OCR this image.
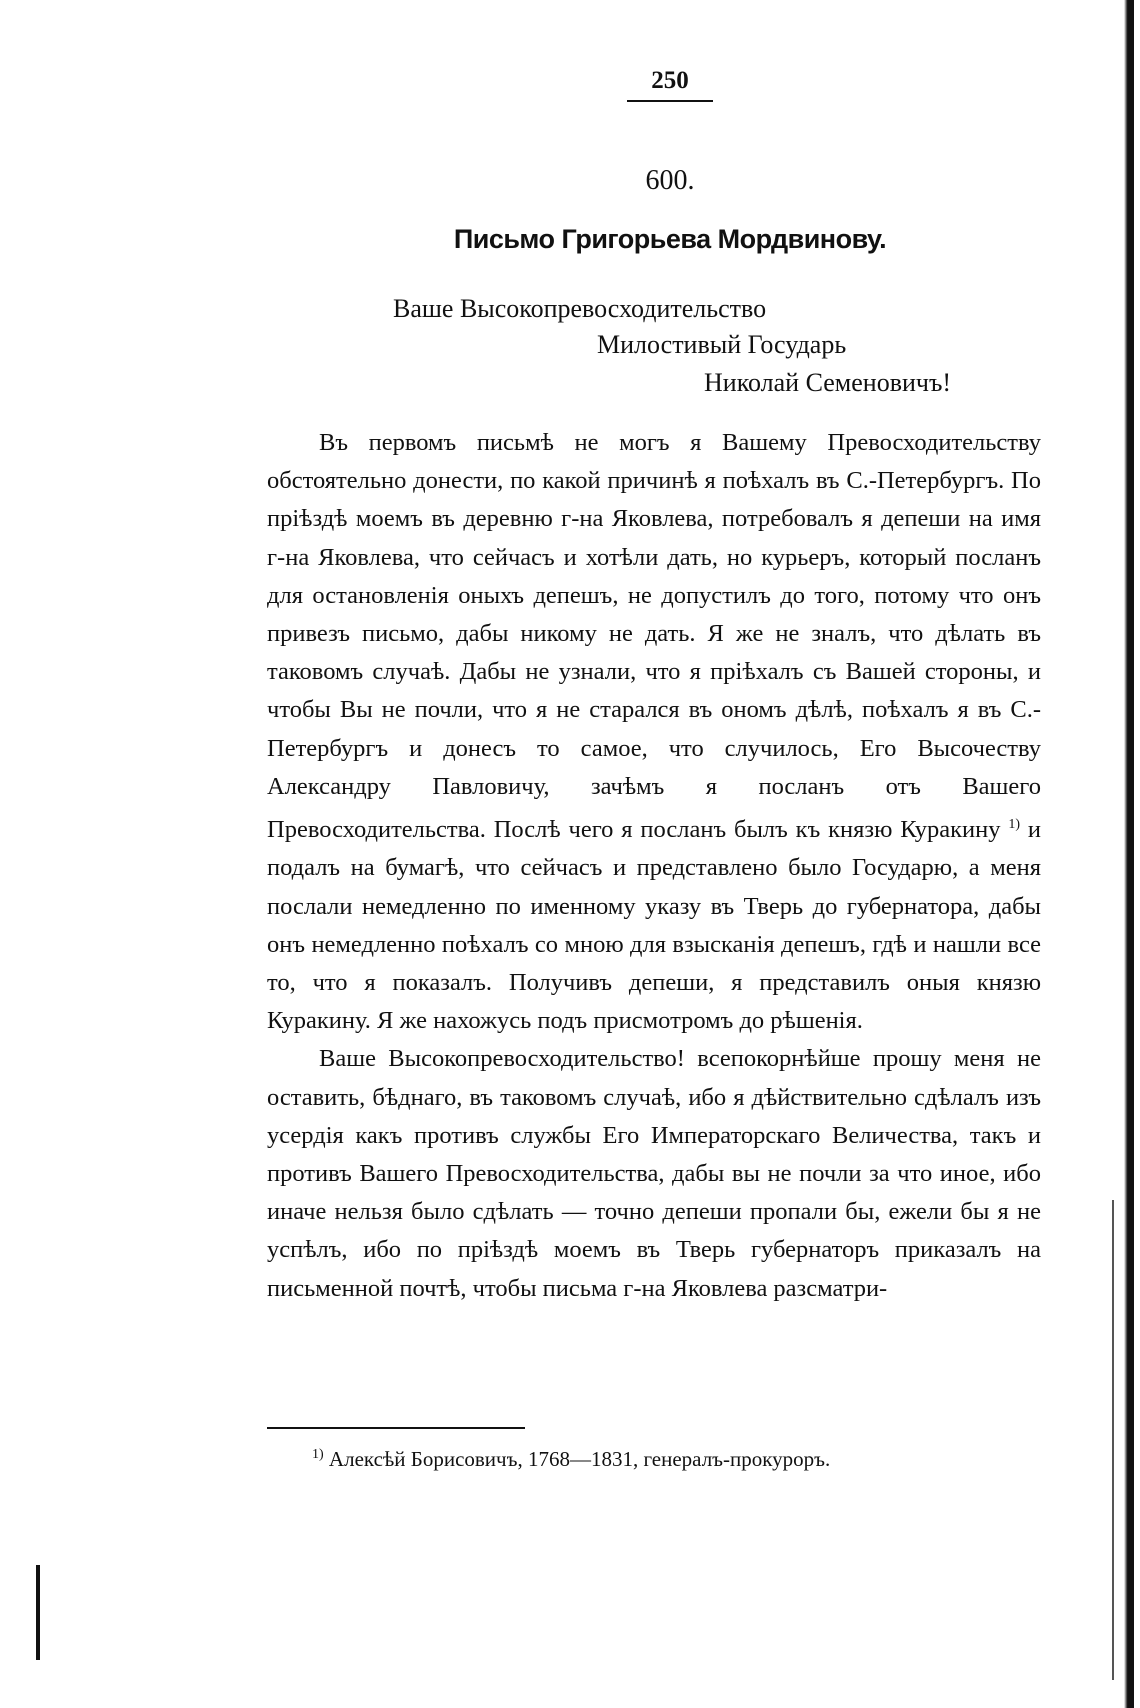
250
600.
Письмо Григорьева Мордвинову.
Ваше Высокопревосходительство
Милостивый Государь
Николай Семеновичъ!

Въ первомъ письмѣ не могъ я Вашему Превосходительству обстоятельно донести, по какой причинѣ я поѣхалъ въ С.-Петербургъ. По пріѣздѣ моемъ въ деревню г-на Яковлева, потребовалъ я депеши на имя г-на Яковлева, что сейчасъ и хотѣли дать, но курьеръ, который посланъ для остановленія оныхъ депешъ, не допустилъ до того, потому что онъ привезъ письмо, дабы никому не дать. Я же не зналъ, что дѣлать въ таковомъ случаѣ. Дабы не узнали, что я пріѣхалъ съ Вашей стороны, и чтобы Вы не почли, что я не старался въ ономъ дѣлѣ, поѣхалъ я въ С.-Петербургъ и донесъ то самое, что случилось, Его Высочеству Александру Павловичу, зачѣмъ я посланъ отъ Вашего Превосходительства. Послѣ чего я посланъ былъ къ князю Куракину $^{1)}$ и подалъ на бумагѣ, что сейчасъ и представлено было Государю, а меня послали немедленно по именному указу въ Тверь до губернатора, дабы онъ немедленно поѣхалъ со мною для взысканія депешъ, гдѣ и нашли все то, что я показалъ. Получивъ депеши, я представилъ оныя князю Куракину. Я же нахожусь подъ присмотромъ до рѣшенія.

Ваше Высокопревосходительство! всепокорнѣйше прошу меня не оставить, бѣднаго, въ таковомъ случаѣ, ибо я дѣйствительно сдѣлалъ изъ усердія какъ противъ службы Его Императорскаго Величества, такъ и противъ Вашего Превосходительства, дабы вы не почли за что иное, ибо иначе нельзя было сдѣлать — точно депеши пропали бы, ежели бы я не успѣлъ, ибо по пріѣздѣ моемъ въ Тверь губернаторъ приказалъ на письменной почтѣ, чтобы письма г-на Яковлева разсматри-

$^{1)}$ Алексѣй Борисовичъ, 1768—1831, генералъ-прокуроръ.
